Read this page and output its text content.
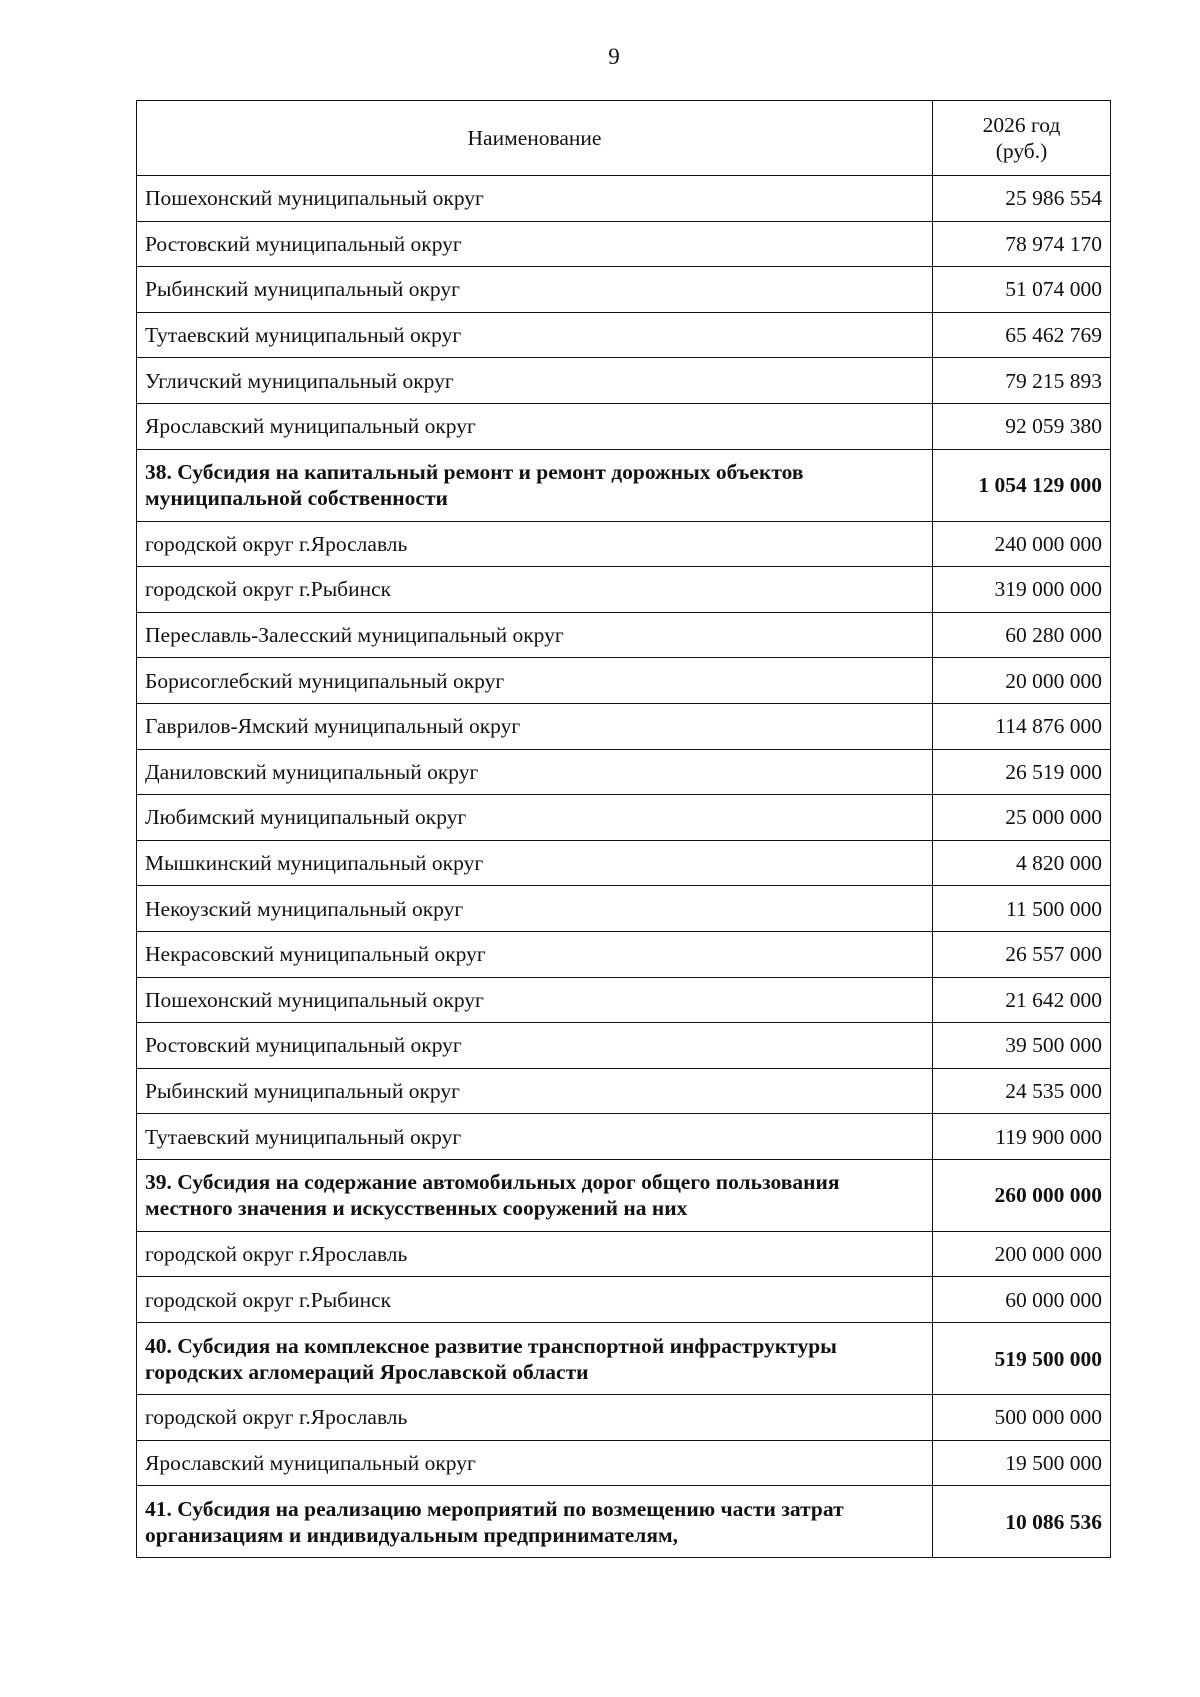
9
Наименование	2026 год
(руб.)

Пошехонский муниципальный округ	25 986 554
Ростовский муниципальный округ	78 974 170
Рыбинский муниципальный округ	51 074 000
Тутаевский муниципальный округ	65 462 769
Угличский муниципальный округ	79 215 893
Ярославский муниципальный округ	92 059 380
38. Субсидия на капитальный ремонт и ремонт дорожных объектов муниципальной собственности	1 054 129 000
городской округ г.Ярославль	240 000 000
городской округ г.Рыбинск	319 000 000
Переславль-Залесский муниципальный округ	60 280 000
Борисоглебский муниципальный округ	20 000 000
Гаврилов-Ямский муниципальный округ	114 876 000
Даниловский муниципальный округ	26 519 000
Любимский муниципальный округ	25 000 000
Мышкинский муниципальный округ	4 820 000
Некоузский муниципальный округ	11 500 000
Некрасовский муниципальный округ	26 557 000
Пошехонский муниципальный округ	21 642 000
Ростовский муниципальный округ	39 500 000
Рыбинский муниципальный округ	24 535 000
Тутаевский муниципальный округ	119 900 000
39. Субсидия на содержание автомобильных дорог общего пользования местного значения и искусственных сооружений на них	260 000 000
городской округ г.Ярославль	200 000 000
городской округ г.Рыбинск	60 000 000
40. Субсидия на комплексное развитие транспортной инфраструктуры городских агломераций Ярославской области	519 500 000
городской округ г.Ярославль	500 000 000
Ярославский муниципальный округ	19 500 000
41. Субсидия на реализацию мероприятий по возмещению части затрат организациям и индивидуальным предпринимателям,	10 086 536
